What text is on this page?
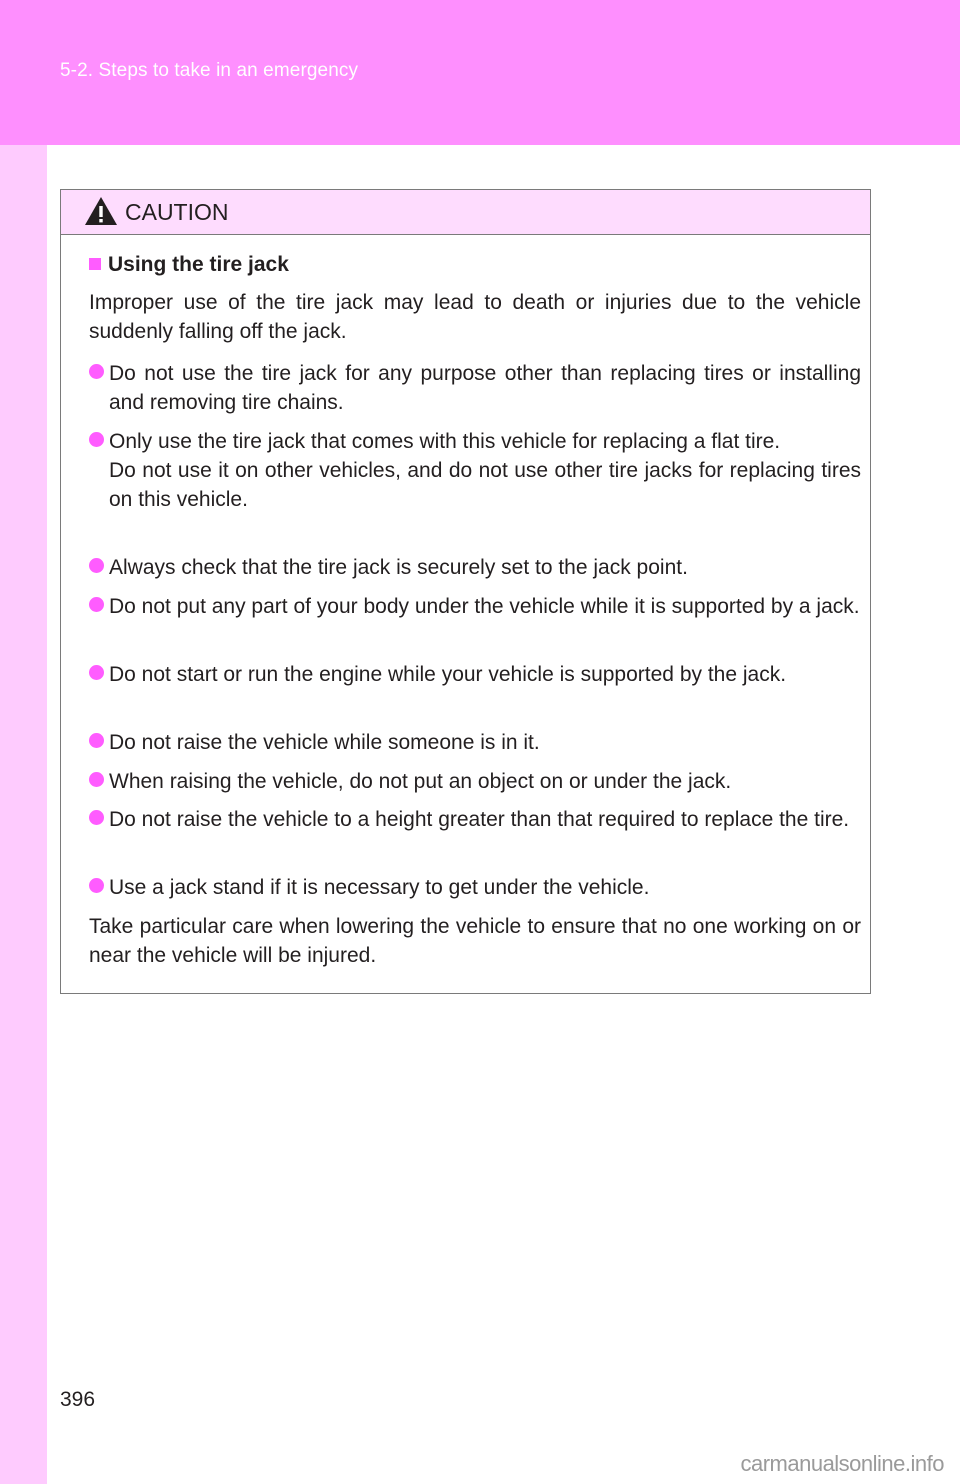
5-2. Steps to take in an emergency
CAUTION
Using the tire jack
Improper use of the tire jack may lead to death or injuries due to the vehicle suddenly falling off the jack.
Do not use the tire jack for any purpose other than replacing tires or installing and removing tire chains.
Only use the tire jack that comes with this vehicle for replacing a flat tire.
Do not use it on other vehicles, and do not use other tire jacks for replacing tires on this vehicle.
Always check that the tire jack is securely set to the jack point.
Do not put any part of your body under the vehicle while it is supported by a jack.
Do not start or run the engine while your vehicle is supported by the jack.
Do not raise the vehicle while someone is in it.
When raising the vehicle, do not put an object on or under the jack.
Do not raise the vehicle to a height greater than that required to replace the tire.
Use a jack stand if it is necessary to get under the vehicle.
Take particular care when lowering the vehicle to ensure that no one working on or near the vehicle will be injured.
396
carmanualsonline.info
